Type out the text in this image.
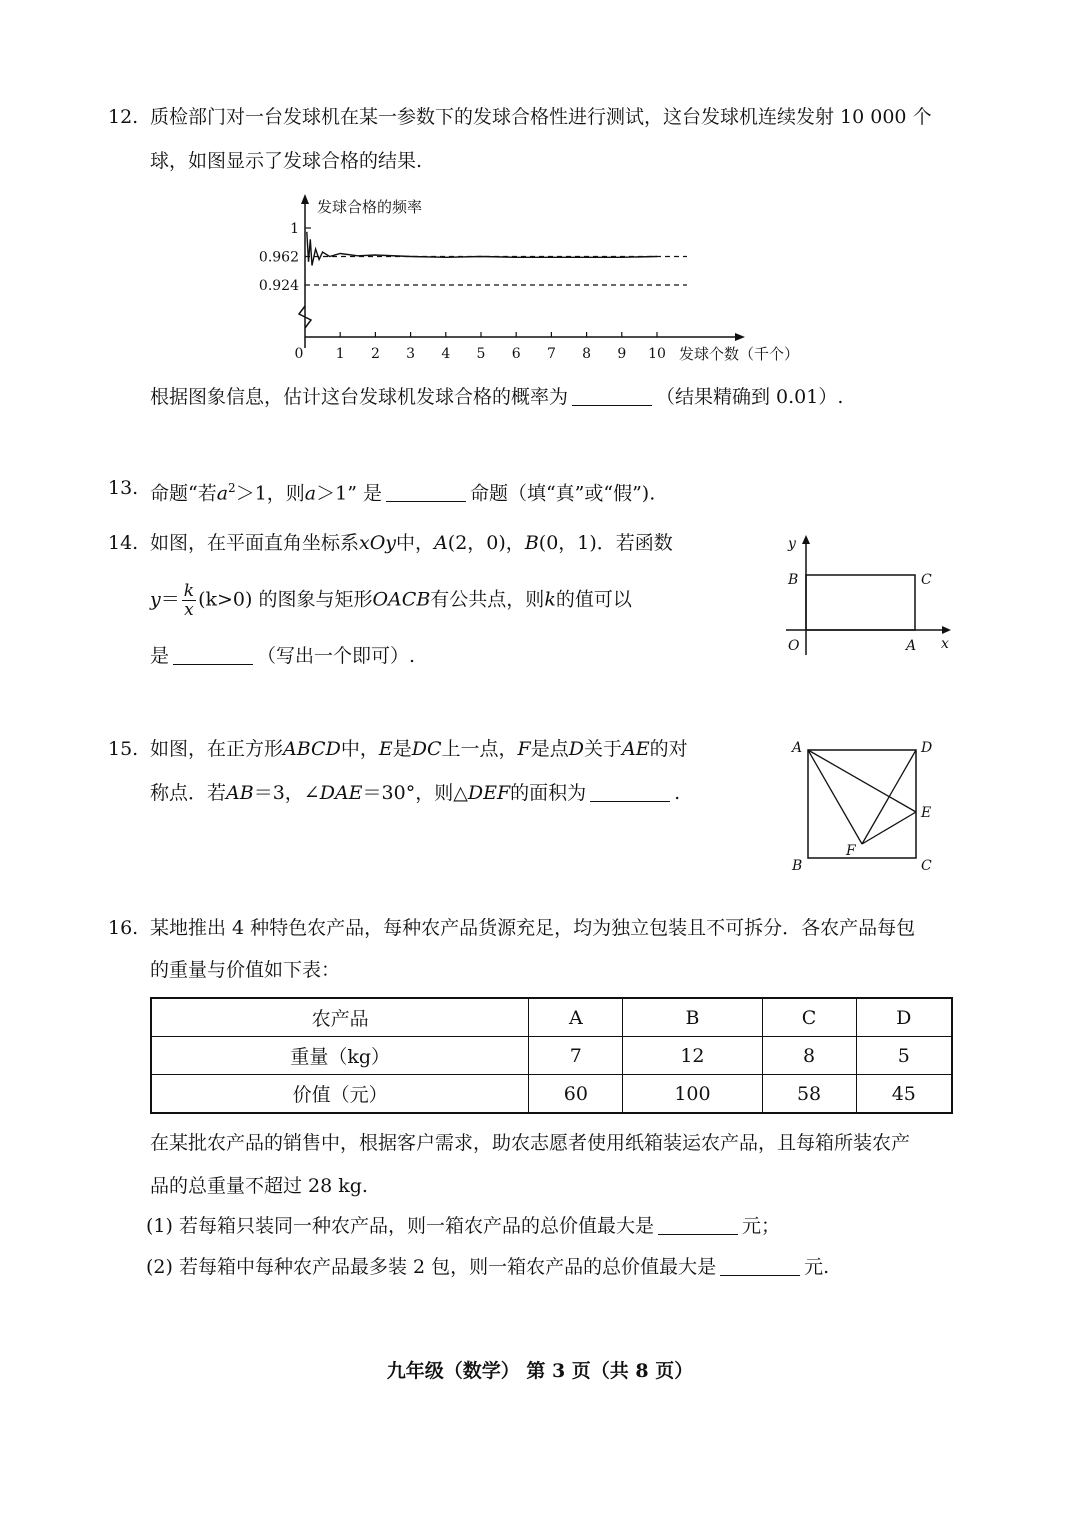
12. 质检部门对一台发球机在某一参数下的发球合格性进行测试，这台发球机连续发射 10 000 个
球，如图显示了发球合格的结果.
1
0.962
0.924
0 1 2 3 4 5 6 7 8 9 10
发球合格的频率
发球个数（千个）
根据图象信息，估计这台发球机发球合格的概率为	（结果精确到 0.01）.
13. 命题“若$a^2>1$，则a＞1” 是	命题（填“真”或“假”).
14. 如图，在平面直角坐标系xOy中，A(2，0)，B(0，1)．若函数
$y= \frac{k}{x} (k>0)$ 的图象与矩形OACB有公共点，则k的值可以
是	（写出一个即可）.
y
x
O	A
B	C
15. 如图，在正方形ABCD中，E是DC上一点，F是点D关于AE的对
称点．若AB＝3，∠DAE＝30°，则△DEF的面积为	.
A	D
E
F
B	C
16. 某地推出 4 种特色农产品，每种农产品货源充足，均为独立包装且不可拆分．各农产品每包
的重量与价值如下表：
农产品	A	B	C	D
重量（kg）	7	12	8	5
价值（元）	60	100	58	45
在某批农产品的销售中，根据客户需求，助农志愿者使用纸箱装运农产品，且每箱所装农产
品的总重量不超过 28 kg.
(1) 若每箱只装同一种农产品，则一箱农产品的总价值最大是	元；
(2) 若每箱中每种农产品最多装 2 包，则一箱农产品的总价值最大是	元.
九年级（数学） 第 3 页（共 8 页）
